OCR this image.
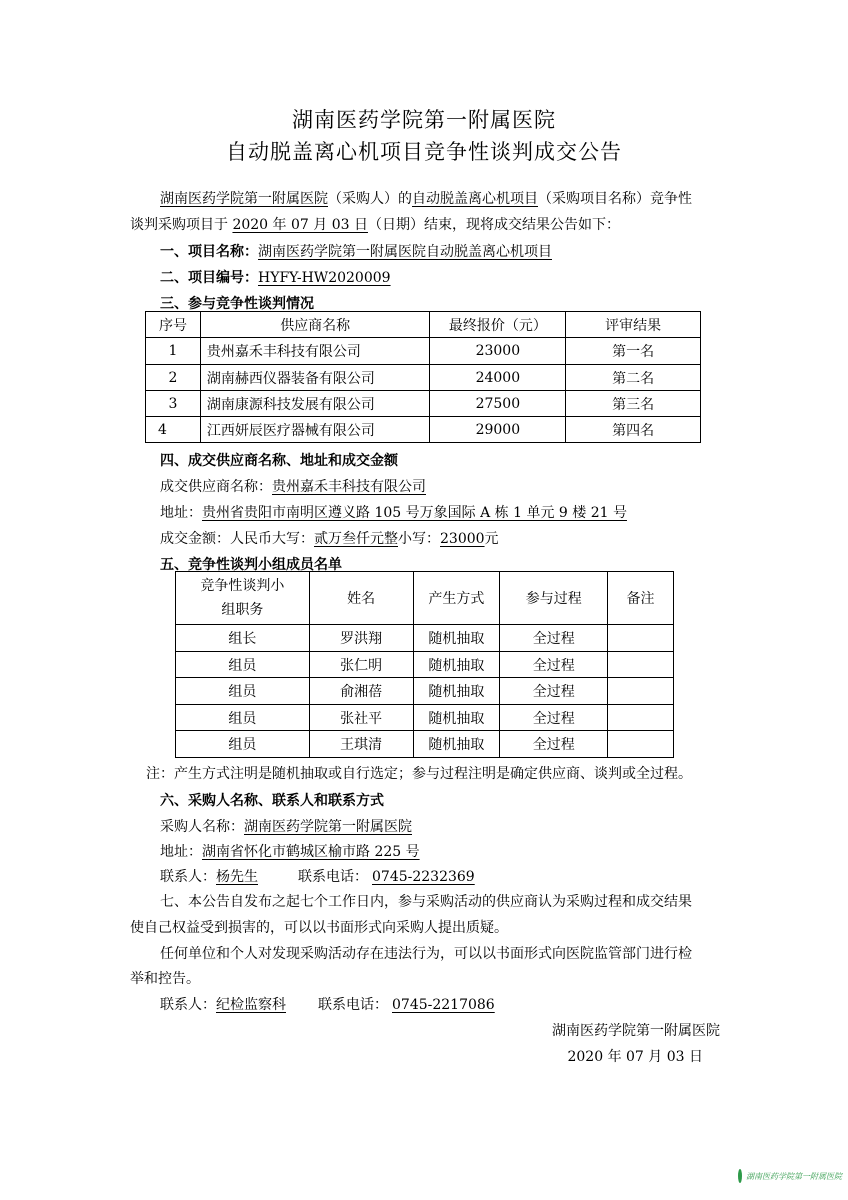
湖南医药学院第一附属医院
自动脱盖离心机项目竞争性谈判成交公告
湖南医药学院第一附属医院（采购人）的自动脱盖离心机项目（采购项目名称）竞争性
谈判采购项目于 2020 年 07 月 03 日（日期）结束，现将成交结果公告如下：
一、项目名称：湖南医药学院第一附属医院自动脱盖离心机项目
二、项目编号：HYFY-HW2020009
三、参与竞争性谈判情况
序号	供应商名称	最终报价（元）	评审结果
1	贵州嘉禾丰科技有限公司	23000	第一名
2	湖南赫西仪器装备有限公司	24000	第二名
3	湖南康源科技发展有限公司	27500	第三名
4	江西妍辰医疗器械有限公司	29000	第四名
四、成交供应商名称、地址和成交金额
成交供应商名称：贵州嘉禾丰科技有限公司
地址：贵州省贵阳市南明区遵义路 105 号万象国际 A 栋 1 单元 9 楼 21 号
成交金额：人民币大写：贰万叁仟元整小写：23000元
五、竞争性谈判小组成员名单
竞争性谈判小
组职务	姓名	产生方式	参与过程	备注
组长	罗洪翔	随机抽取	全过程	
组员	张仁明	随机抽取	全过程	
组员	俞湘蓓	随机抽取	全过程	
组员	张社平	随机抽取	全过程	
组员	王琪清	随机抽取	全过程	
注：产生方式注明是随机抽取或自行选定；参与过程注明是确定供应商、谈判或全过程。
六、采购人名称、联系人和联系方式
采购人名称：湖南医药学院第一附属医院
地址：湖南省怀化市鹤城区榆市路 225 号
联系人：杨先生	联系电话： 0745-2232369
七、本公告自发布之起七个工作日内，参与采购活动的供应商认为采购过程和成交结果
使自己权益受到损害的，可以以书面形式向采购人提出质疑。
任何单位和个人对发现采购活动存在违法行为，可以以书面形式向医院监管部门进行检
举和控告。
联系人：纪检监察科 联系电话： 0745-2217086
湖南医药学院第一附属医院
2020 年 07 月 03 日
湖南医药学院第一附属医院
